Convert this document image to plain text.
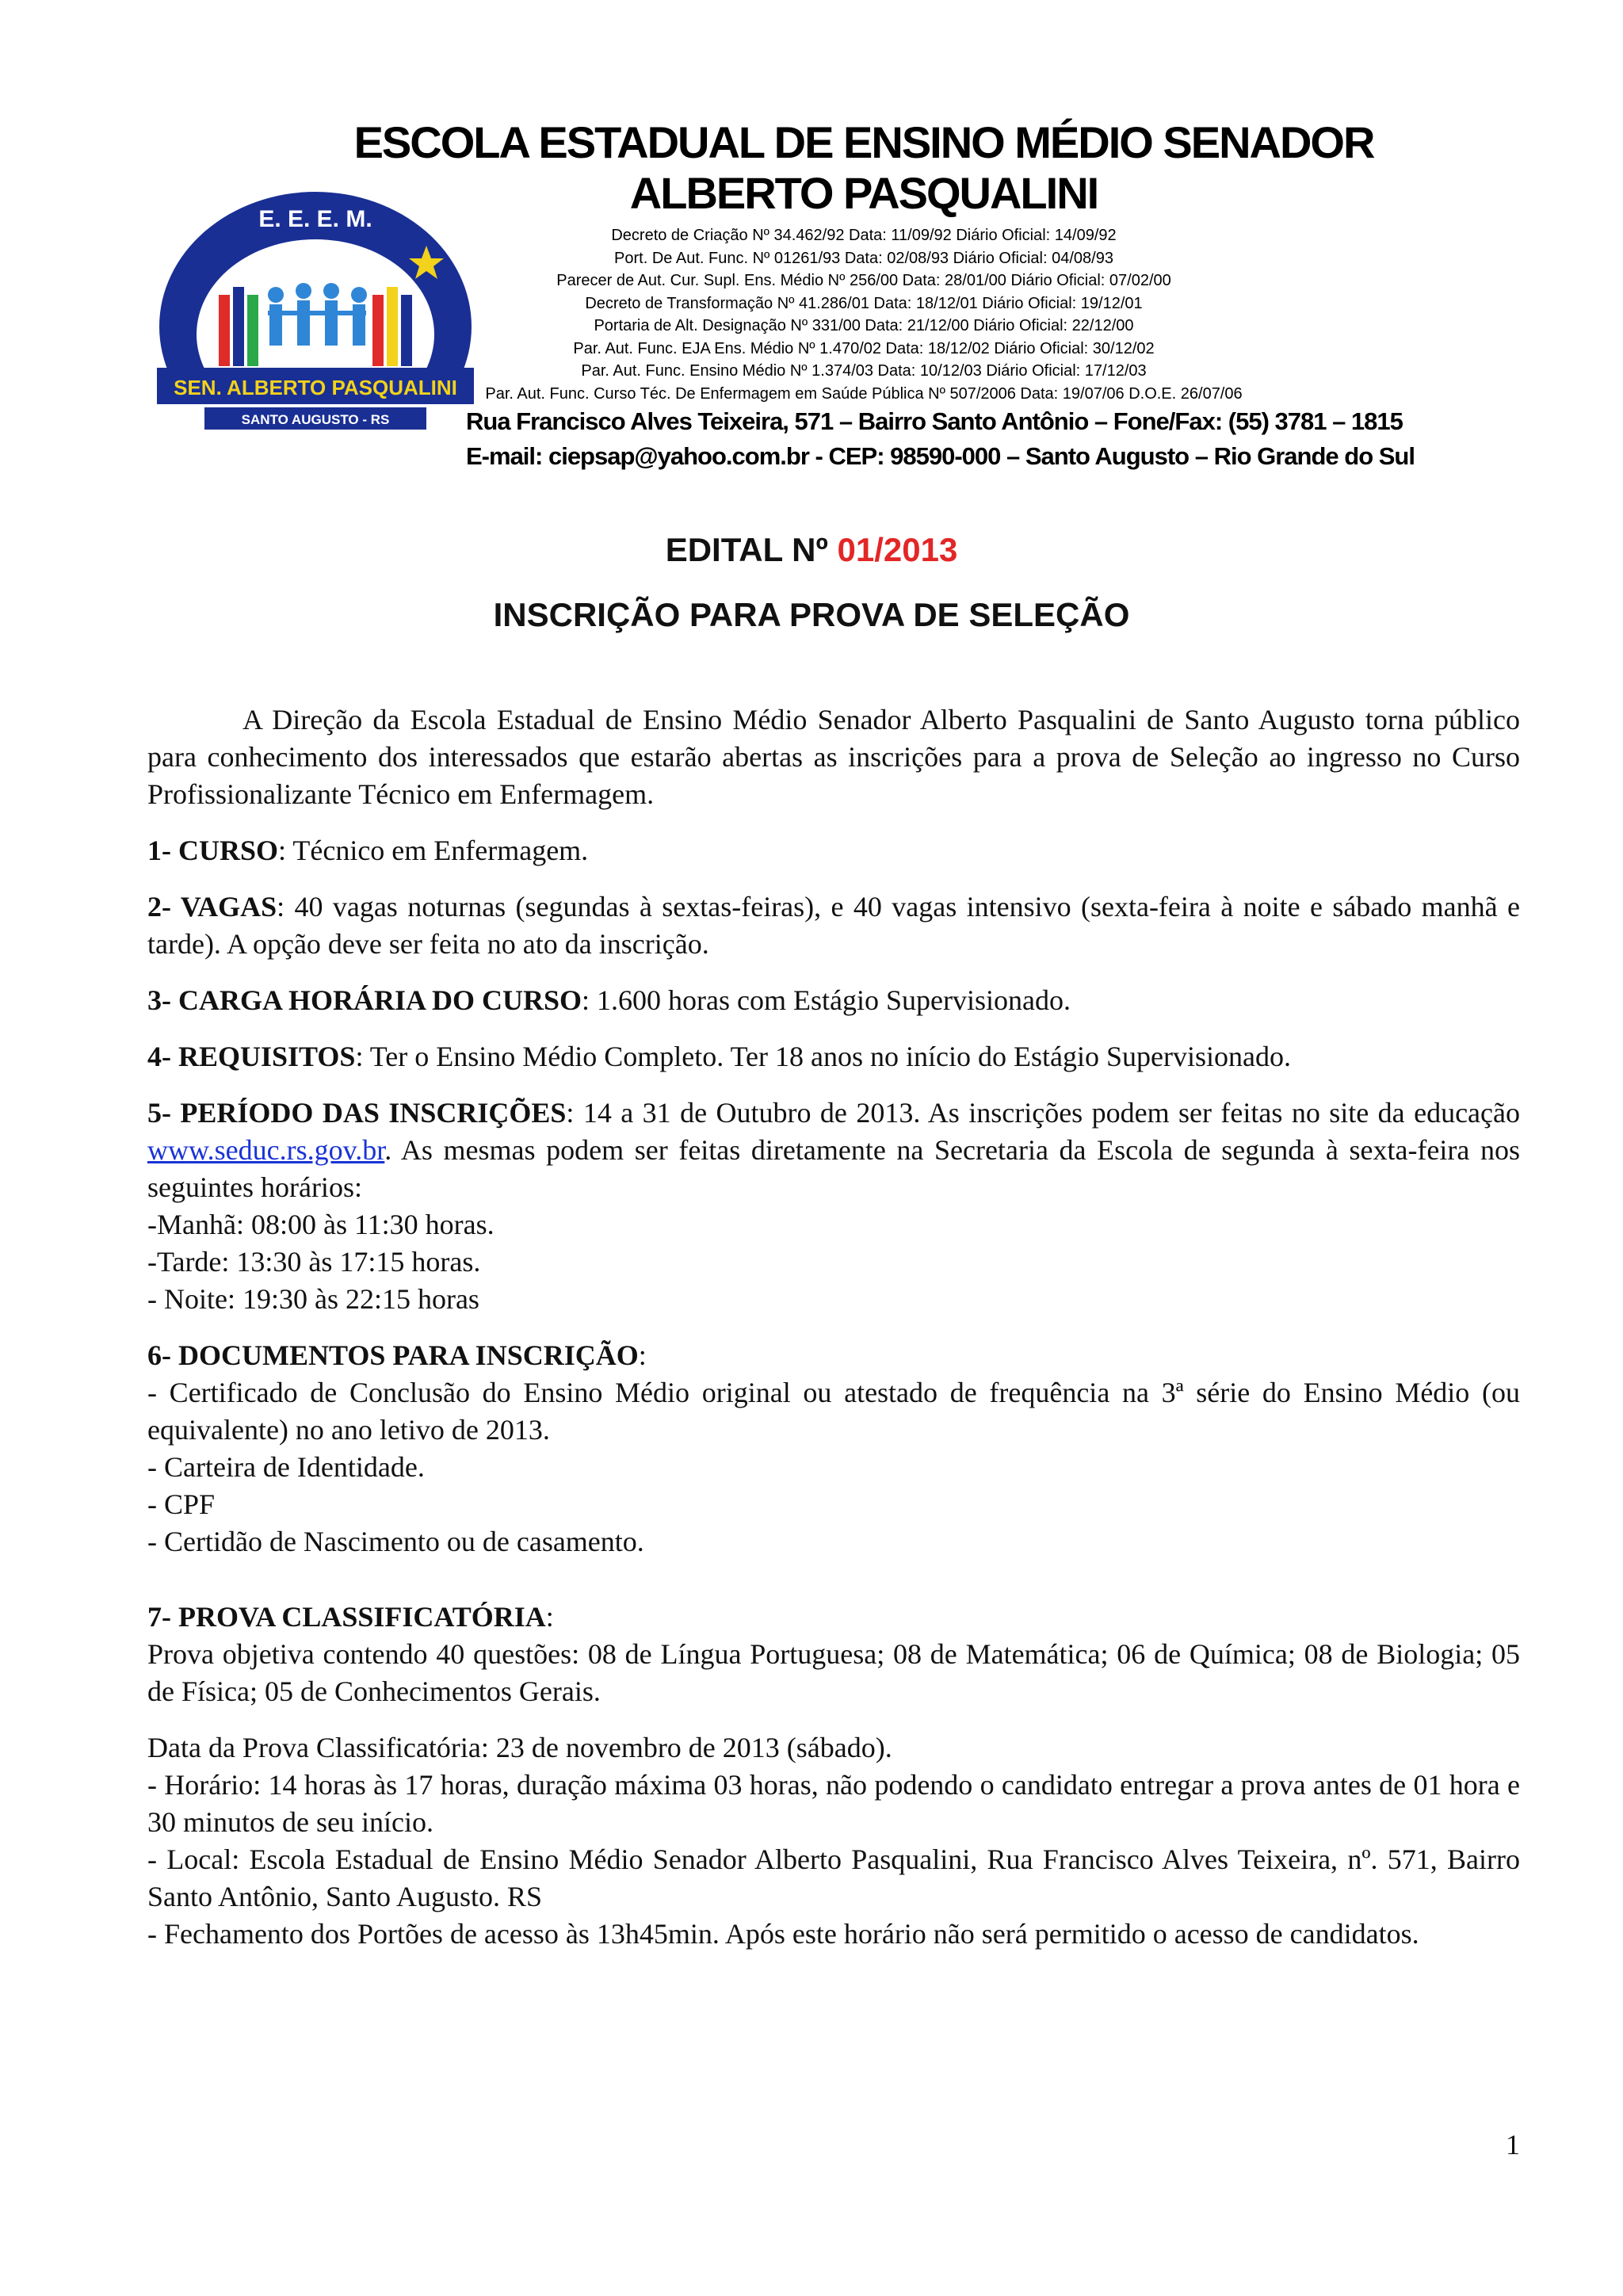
E. E. E. M.
SEN. ALBERTO PASQUALINI
SANTO AUGUSTO - RS
ESCOLA ESTADUAL DE ENSINO MÉDIO SENADOR
ALBERTO PASQUALINI
Decreto de Criação Nº 34.462/92 Data: 11/09/92 Diário Oficial: 14/09/92
Port. De Aut. Func. Nº 01261/93 Data: 02/08/93 Diário Oficial: 04/08/93
Parecer de Aut. Cur. Supl. Ens. Médio Nº 256/00 Data: 28/01/00 Diário Oficial: 07/02/00
Decreto de Transformação Nº 41.286/01 Data: 18/12/01 Diário Oficial: 19/12/01
Portaria de Alt. Designação Nº 331/00 Data: 21/12/00 Diário Oficial: 22/12/00
Par. Aut. Func. EJA Ens. Médio Nº 1.470/02 Data: 18/12/02 Diário Oficial: 30/12/02
Par. Aut. Func. Ensino Médio Nº 1.374/03 Data: 10/12/03 Diário Oficial: 17/12/03
Par. Aut. Func. Curso Téc. De Enfermagem em Saúde Pública Nº 507/2006 Data: 19/07/06 D.O.E. 26/07/06
Rua Francisco Alves Teixeira, 571 – Bairro Santo Antônio – Fone/Fax: (55) 3781 – 1815
E-mail: ciepsap@yahoo.com.br - CEP: 98590-000 – Santo Augusto – Rio Grande do Sul
EDITAL Nº 01/2013
INSCRIÇÃO PARA PROVA DE SELEÇÃO

A Direção da Escola Estadual de Ensino Médio Senador Alberto Pasqualini de Santo Augusto torna público para conhecimento dos interessados que estarão abertas as inscrições para a prova de Seleção ao ingresso no Curso Profissionalizante Técnico em Enfermagem.

1- CURSO: Técnico em Enfermagem.

2- VAGAS: 40 vagas noturnas (segundas à sextas-feiras), e 40 vagas intensivo (sexta-feira à noite e sábado manhã e tarde). A opção deve ser feita no ato da inscrição.

3- CARGA HORÁRIA DO CURSO: 1.600 horas com Estágio Supervisionado.

4- REQUISITOS: Ter o Ensino Médio Completo. Ter 18 anos no início do Estágio Supervisionado.

5- PERÍODO DAS INSCRIÇÕES: 14 a 31 de Outubro de 2013. As inscrições podem ser feitas no site da educação www.seduc.rs.gov.br. As mesmas podem ser feitas diretamente na Secretaria da Escola de segunda à sexta-feira nos seguintes horários:

-Manhã: 08:00 às 11:30 horas.

-Tarde: 13:30 às 17:15 horas.

- Noite: 19:30 às 22:15 horas

6- DOCUMENTOS PARA INSCRIÇÃO:

- Certificado de Conclusão do Ensino Médio original ou atestado de frequência na 3ª série do Ensino Médio (ou equivalente) no ano letivo de 2013.

- Carteira de Identidade.

- CPF

- Certidão de Nascimento ou de casamento.

7- PROVA CLASSIFICATÓRIA:

Prova objetiva contendo 40 questões: 08 de Língua Portuguesa; 08 de Matemática; 06 de Química; 08 de Biologia; 05 de Física; 05 de Conhecimentos Gerais.

Data da Prova Classificatória: 23 de novembro de 2013 (sábado).

- Horário: 14 horas às 17 horas, duração máxima 03 horas, não podendo o candidato entregar a prova antes de 01 hora e 30 minutos de seu início.

- Local: Escola Estadual de Ensino Médio Senador Alberto Pasqualini, Rua Francisco Alves Teixeira, nº. 571, Bairro Santo Antônio, Santo Augusto. RS

- Fechamento dos Portões de acesso às 13h45min. Após este horário não será permitido o acesso de candidatos.

1
